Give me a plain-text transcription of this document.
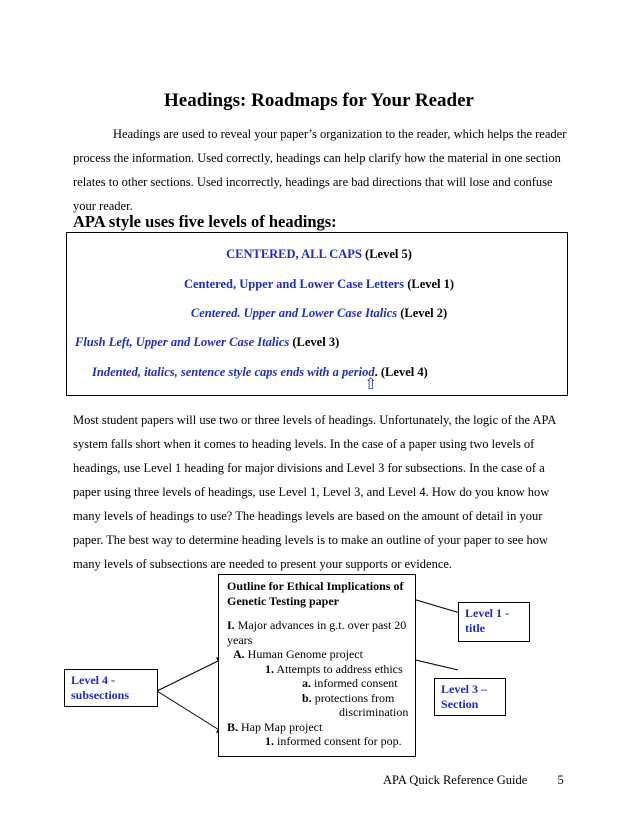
Headings: Roadmaps for Your Reader

Headings are used to reveal your paper’s organization to the reader, which helps the reader process the information. Used correctly, headings can help clarify how the material in one section relates to other sections. Used incorrectly, headings are bad directions that will lose and confuse your reader.

APA style uses five levels of headings:
CENTERED, ALL CAPS (Level 5)
Centered, Upper and Lower Case Letters (Level 1)
Centered. Upper and Lower Case Italics (Level 2)
Flush Left, Upper and Lower Case Italics (Level 3)
Indented, italics, sentence style caps ends with a period. (Level 4)
⇧

Most student papers will use two or three levels of headings. Unfortunately, the logic of the APA system falls short when it comes to heading levels. In the case of a paper using two levels of headings, use Level 1 heading for major divisions and Level 3 for subsections. In the case of a paper using three levels of headings, use Level 1, Level 3, and Level 4. How do you know how many levels of headings to use? The headings levels are based on the amount of detail in your paper. The best way to determine heading levels is to make an outline of your paper to see how many levels of subsections are needed to present your supports or evidence.

Outline for Ethical Implications of
Genetic Testing paper
I. Major advances in g.t. over past 20
years
A. Human Genome project
1. Attempts to address ethics
a. informed consent
b. protections from
discrimination
B. Hap Map project
1. informed consent for pop.
Level 1 -
title
Level 3 –
Section
Level 4 -
subsections
APA Quick Reference Guide 5
